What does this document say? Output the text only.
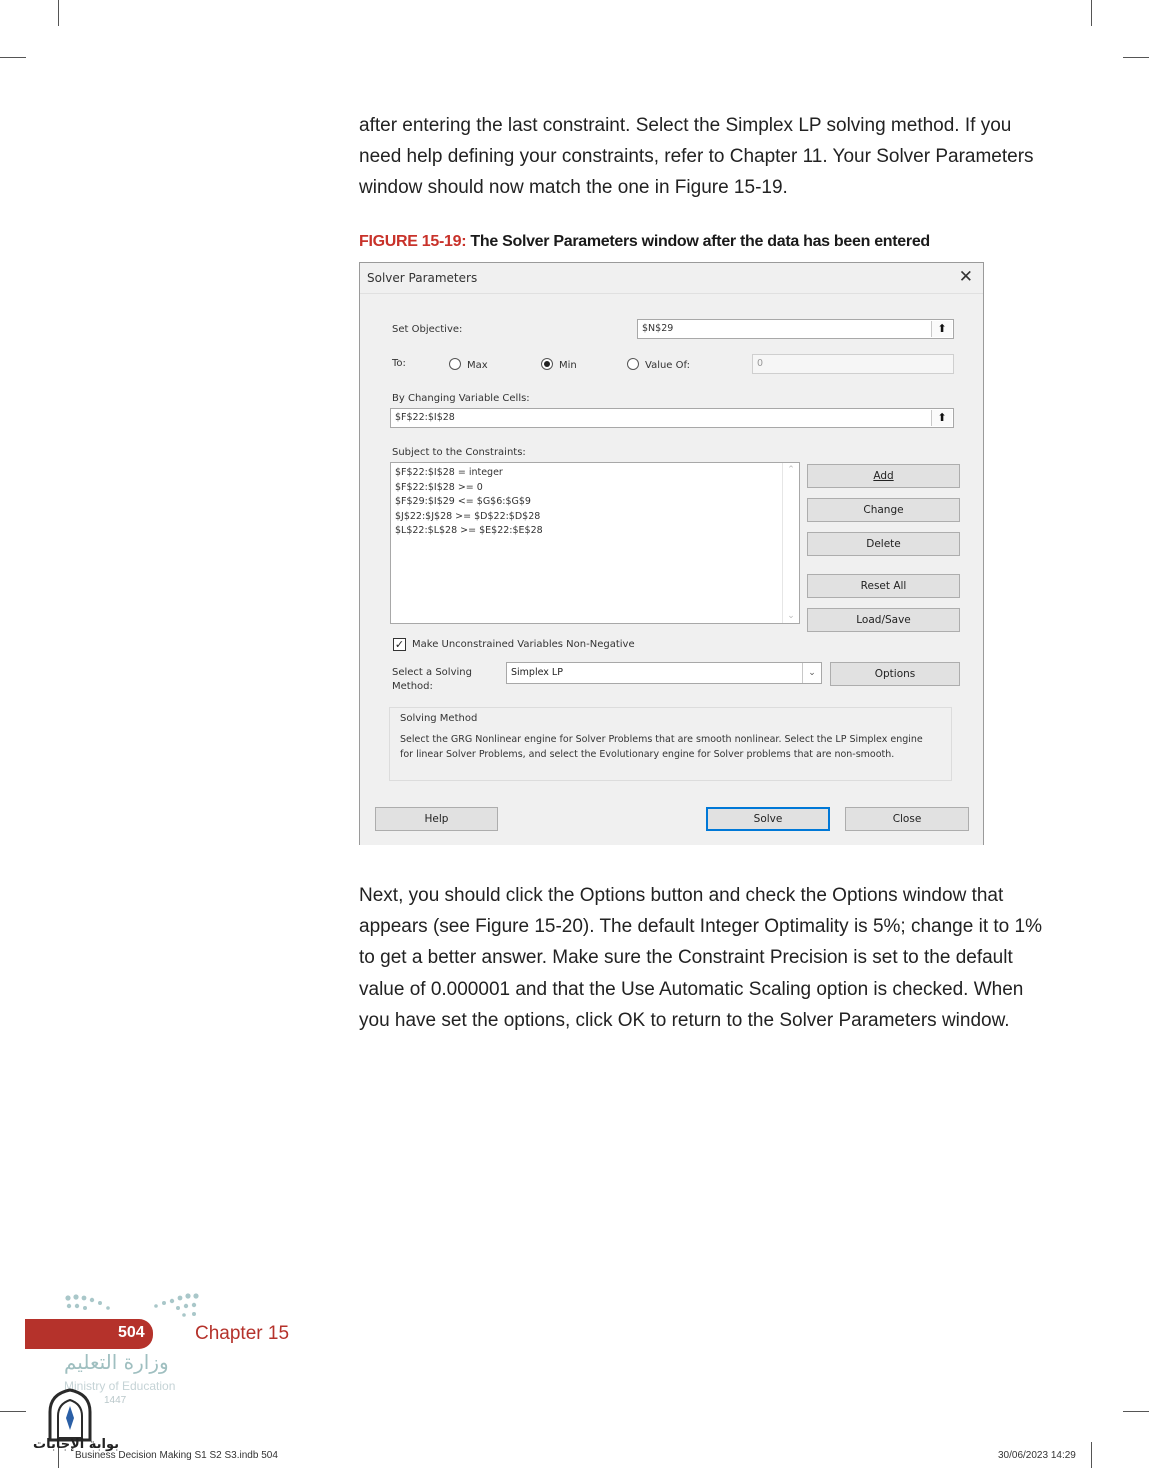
after entering the last constraint. Select the Simplex LP solving method. If you
need help defining your constraints, refer to Chapter 11. Your Solver Parameters
window should now match the one in Figure 15-19.
FIGURE 15-19: The Solver Parameters window after the data has been entered
Solver Parameters	✕
Set Objective:	$N$29	⬆
To:	Max	Min	Value Of:	0
By Changing Variable Cells:
$F$22:$I$28	⬆
Subject to the Constraints:
$F$22:$I$28 = integer
$F$22:$I$28 >= 0
$F$29:$I$29 <= $G$6:$G$9
$J$22:$J$28 >= $D$22:$D$28
$L$22:$L$28 >= $E$22:$E$28
⌃
⌄
Add
Change
Delete
Reset All
Load/Save
✓ Make Unconstrained Variables Non-Negative
Select a Solving
Method:
Simplex LP	⌄	Options
Solving Method
Select the GRG Nonlinear engine for Solver Problems that are smooth nonlinear. Select the LP Simplex engine for linear Solver Problems, and select the Evolutionary engine for Solver problems that are non-smooth.
Help	Solve	Close
Next, you should click the Options button and check the Options window that
appears (see Figure 15-20). The default Integer Optimality is 5%; change it to 1%
to get a better answer. Make sure the Constraint Precision is set to the default
value of 0.000001 and that the Use Automatic Scaling option is checked. When
you have set the options, click OK to return to the Solver Parameters window.
504	Chapter 15
وزارة التعليم
Ministry of Education
1447
بوابة الإجابات
Business Decision Making S1 S2 S3.indb 504	30/06/2023 14:29
